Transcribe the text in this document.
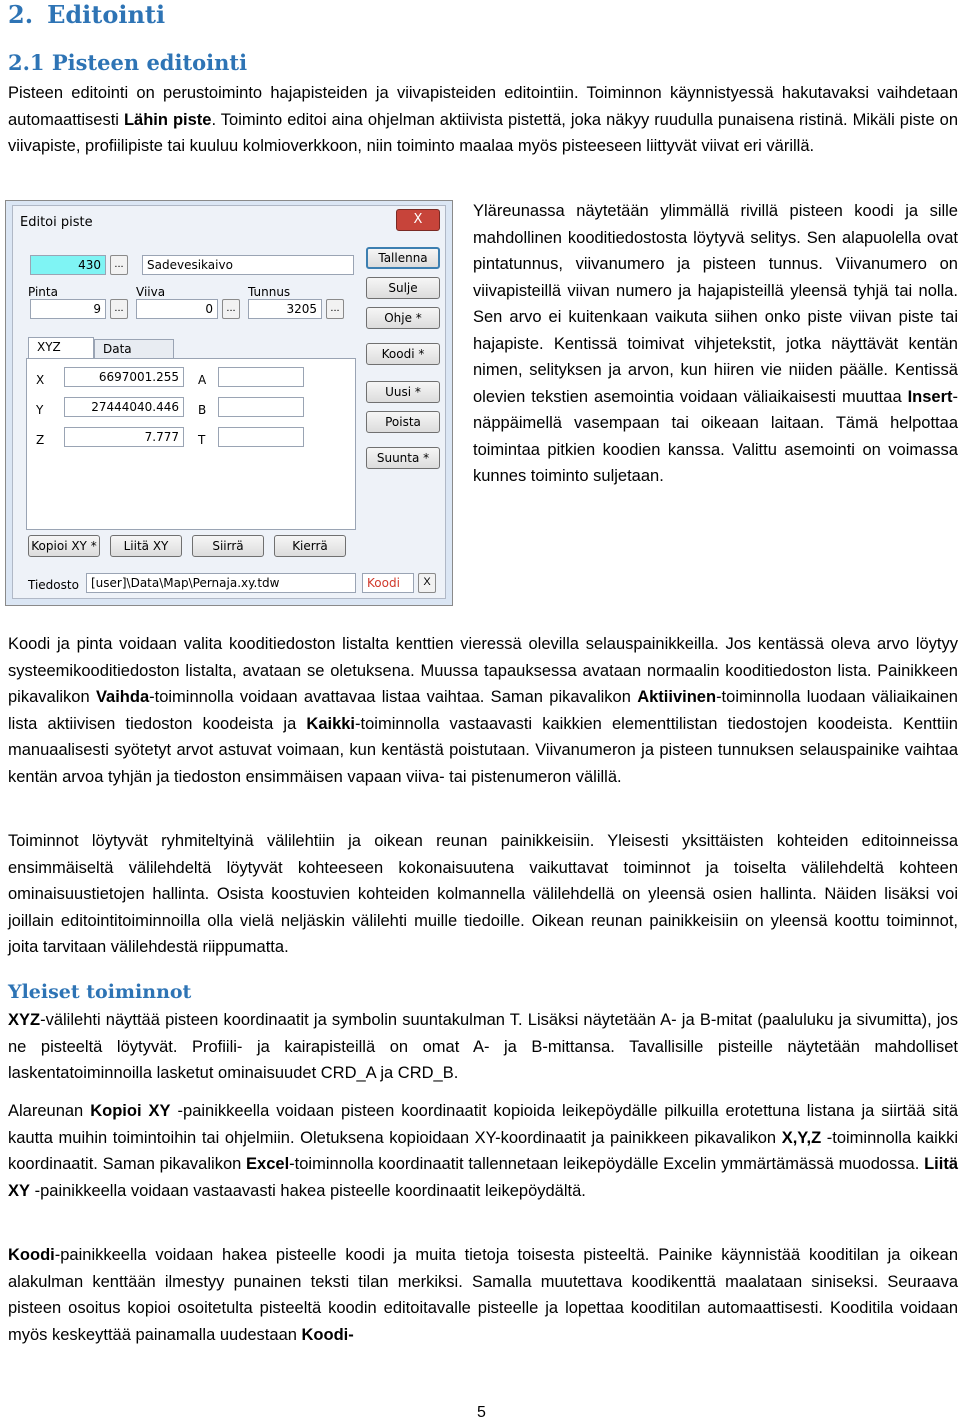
2. Editointi
2.1 Pisteen editointi

Pisteen editointi on perustoiminto hajapisteiden ja viivapisteiden editointiin. Toiminnon käynnistyessä hakutavaksi vaihdetaan automaattisesti Lähin piste. Toiminto editoi aina ohjelman aktiivista pistettä, joka näkyy ruudulla punaisena ristinä. Mikäli piste on viivapiste, profiilipiste tai kuuluu kolmioverkkoon, niin toiminto maalaa myös pisteeseen liittyvät viivat eri värillä.

Editoi piste	X
430	...	Sadevesikaivo
Pinta	Viiva	Tunnus
9	...	0	...	3205	...
XYZ	Data
X	6697001.255	A
Y	27444040.446	B
Z	7.777	T
Tallenna
Sulje
Ohje *
Koodi *
Uusi *
Poista
Suunta *
Kopioi XY *	Liitä XY	Siirrä	Kierrä
Tiedosto	[user]\Data\Map\Pernaja.xy.tdw	Koodi	X

Yläreunassa näytetään ylimmällä rivillä pisteen koodi ja sille mahdollinen kooditiedostosta löytyvä selitys. Sen alapuolella ovat pintatunnus, viivanumero ja pisteen tunnus. Viivanumero on viivapisteillä viivan numero ja hajapisteillä yleensä tyhjä tai nolla. Sen arvo ei kuitenkaan vaikuta siihen onko piste viivan piste tai hajapiste. Kentissä toimivat vihjetekstit, jotka näyttävät kentän nimen, selityksen ja arvon, kun hiiren vie niiden päälle. Kentissä olevien tekstien asemointia voidaan väliaikaisesti muuttaa Insert-näppäimellä vasempaan tai oikeaan laitaan. Tämä helpottaa toimintaa pitkien koodien kanssa. Valittu asemointi on voimassa kunnes toiminto suljetaan.

Koodi ja pinta voidaan valita kooditiedoston listalta kenttien vieressä olevilla selauspainikkeilla. Jos kentässä oleva arvo löytyy systeemikooditiedoston listalta, avataan se oletuksena. Muussa tapauksessa avataan normaalin kooditiedoston lista. Painikkeen pikavalikon Vaihda-toiminnolla voidaan avattavaa listaa vaihtaa. Saman pikavalikon Aktiivinen-toiminnolla luodaan väliaikainen lista aktiivisen tiedoston koodeista ja Kaikki-toiminnolla vastaavasti kaikkien elementtilistan tiedostojen koodeista. Kenttiin manuaalisesti syötetyt arvot astuvat voimaan, kun kentästä poistutaan. Viivanumeron ja pisteen tunnuksen selauspainike vaihtaa kentän arvoa tyhjän ja tiedoston ensimmäisen vapaan viiva- tai pistenumeron välillä.

Toiminnot löytyvät ryhmiteltyinä välilehtiin ja oikean reunan painikkeisiin. Yleisesti yksittäisten kohteiden editoinneissa ensimmäiseltä välilehdeltä löytyvät kohteeseen kokonaisuutena vaikuttavat toiminnot ja toiselta välilehdeltä kohteen ominaisuustietojen hallinta. Osista koostuvien kohteiden kolmannella välilehdellä on yleensä osien hallinta. Näiden lisäksi voi joillain editointitoiminnoilla olla vielä neljäskin välilehti muille tiedoille. Oikean reunan painikkeisiin on yleensä koottu toiminnot, joita tarvitaan välilehdestä riippumatta.

Yleiset toiminnot

XYZ-välilehti näyttää pisteen koordinaatit ja symbolin suuntakulman T. Lisäksi näytetään A- ja B-mitat (paaluluku ja sivumitta), jos ne pisteeltä löytyvät. Profiili- ja kairapisteillä on omat A- ja B-mittansa. Tavallisille pisteille näytetään mahdolliset laskentatoiminnoilla lasketut ominaisuudet CRD_A ja CRD_B.

Alareunan Kopioi XY -painikkeella voidaan pisteen koordinaatit kopioida leikepöydälle pilkuilla erotettuna listana ja siirtää sitä kautta muihin toimintoihin tai ohjelmiin. Oletuksena kopioidaan XY-koordinaatit ja painikkeen pikavalikon X,Y,Z -toiminnolla kaikki koordinaatit. Saman pikavalikon Excel-toiminnolla koordinaatit tallennetaan leikepöydälle Excelin ymmärtämässä muodossa. Liitä XY -painikkeella voidaan vastaavasti hakea pisteelle koordinaatit leikepöydältä.

Koodi-painikkeella voidaan hakea pisteelle koodi ja muita tietoja toisesta pisteeltä. Painike käynnistää kooditilan ja oikean alakulman kenttään ilmestyy punainen teksti tilan merkiksi. Samalla muutettava koodikenttä maalataan siniseksi. Seuraava pisteen osoitus kopioi osoitetulta pisteeltä koodin editoitavalle pisteelle ja lopettaa kooditilan automaattisesti. Kooditila voidaan myös keskeyttää painamalla uudestaan Koodi-

5
